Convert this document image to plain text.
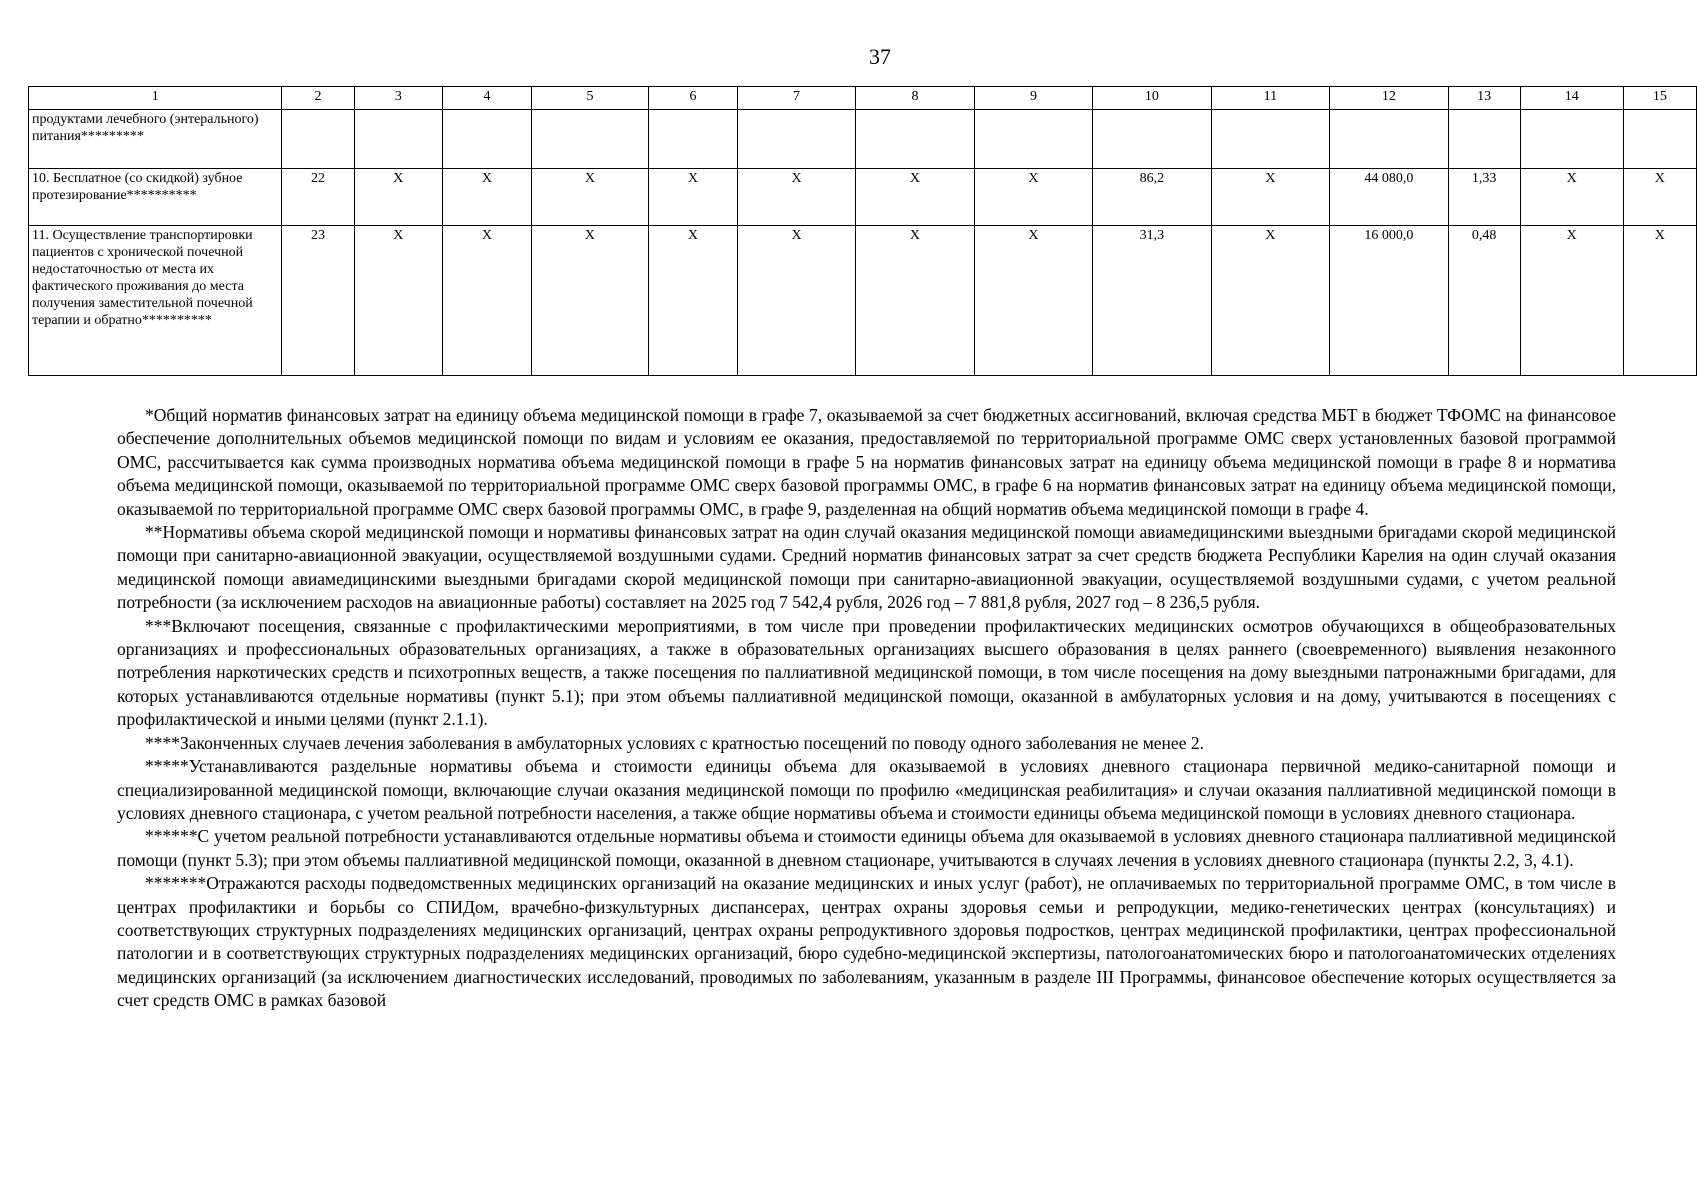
37
1	2	3	4	5	6	7	8	9	10	11	12	13	14	15
продуктами лечебного (энтерального) питания*********														
10. Бесплатное (со скидкой) зубное протезирование**********	22	Х	Х	Х	Х	Х	Х	Х	86,2	Х	44 080,0	1,33	Х	Х
11. Осуществление транспортировки пациентов с хронической почечной недостаточностью от места их фактического проживания до места получения заместительной почечной терапии и обратно**********	23	Х	Х	Х	Х	Х	Х	Х	31,3	Х	16 000,0	0,48	Х	Х

*Общий норматив финансовых затрат на единицу объема медицинской помощи в графе 7, оказываемой за счет бюджетных ассигнований, включая средства МБТ в бюджет ТФОМС на финансовое обеспечение дополнительных объемов медицинской помощи по видам и условиям ее оказания, предоставляемой по территориальной программе ОМС сверх установленных базовой программой ОМС, рассчитывается как сумма производных норматива объема медицинской помощи в графе 5 на норматив финансовых затрат на единицу объема медицинской помощи в графе 8 и норматива объема медицинской помощи, оказываемой по территориальной программе ОМС сверх базовой программы ОМС, в графе 6 на норматив финансовых затрат на единицу объема медицинской помощи, оказываемой по территориальной программе ОМС сверх базовой программы ОМС, в графе 9, разделенная на общий норматив объема медицинской помощи в графе 4.

**Нормативы объема скорой медицинской помощи и нормативы финансовых затрат на один случай оказания медицинской помощи авиамедицинскими выездными бригадами скорой медицинской помощи при санитарно-авиационной эвакуации, осуществляемой воздушными судами. Средний норматив финансовых затрат за счет средств бюджета Республики Карелия на один случай оказания медицинской помощи авиамедицинскими выездными бригадами скорой медицинской помощи при санитарно-авиационной эвакуации, осуществляемой воздушными судами, с учетом реальной потребности (за исключением расходов на авиационные работы) составляет на 2025 год 7 542,4 рубля, 2026 год – 7 881,8 рубля, 2027 год – 8 236,5 рубля.

***Включают посещения, связанные с профилактическими мероприятиями, в том числе при проведении профилактических медицинских осмотров обучающихся в общеобразовательных организациях и профессиональных образовательных организациях, а также в образовательных организациях высшего образования в целях раннего (своевременного) выявления незаконного потребления наркотических средств и психотропных веществ, а также посещения по паллиативной медицинской помощи, в том числе посещения на дому выездными патронажными бригадами, для которых устанавливаются отдельные нормативы (пункт 5.1); при этом объемы паллиативной медицинской помощи, оказанной в амбулаторных условия и на дому, учитываются в посещениях с профилактической и иными целями (пункт 2.1.1).

****Законченных случаев лечения заболевания в амбулаторных условиях с кратностью посещений по поводу одного заболевания не менее 2.

*****Устанавливаются раздельные нормативы объема и стоимости единицы объема для оказываемой в условиях дневного стационара первичной медико-санитарной помощи и специализированной медицинской помощи, включающие случаи оказания медицинской помощи по профилю «медицинская реабилитация» и случаи оказания паллиативной медицинской помощи в условиях дневного стационара, с учетом реальной потребности населения, а также общие нормативы объема и стоимости единицы объема медицинской помощи в условиях дневного стационара.

******С учетом реальной потребности устанавливаются отдельные нормативы объема и стоимости единицы объема для оказываемой в условиях дневного стационара паллиативной медицинской помощи (пункт 5.3); при этом объемы паллиативной медицинской помощи, оказанной в дневном стационаре, учитываются в случаях лечения в условиях дневного стационара (пункты 2.2, 3, 4.1).

*******Отражаются расходы подведомственных медицинских организаций на оказание медицинских и иных услуг (работ), не оплачиваемых по территориальной программе ОМС, в том числе в центрах профилактики и борьбы со СПИДом, врачебно-физкультурных диспансерах, центрах охраны здоровья семьи и репродукции, медико-генетических центрах (консультациях) и соответствующих структурных подразделениях медицинских организаций, центрах охраны репродуктивного здоровья подростков, центрах медицинской профилактики, центрах профессиональной патологии и в соответствующих структурных подразделениях медицинских организаций, бюро судебно-медицинской экспертизы, патологоанатомических бюро и патологоанатомических отделениях медицинских организаций (за исключением диагностических исследований, проводимых по заболеваниям, указанным в разделе III Программы, финансовое обеспечение которых осуществляется за счет средств ОМС в рамках базовой
